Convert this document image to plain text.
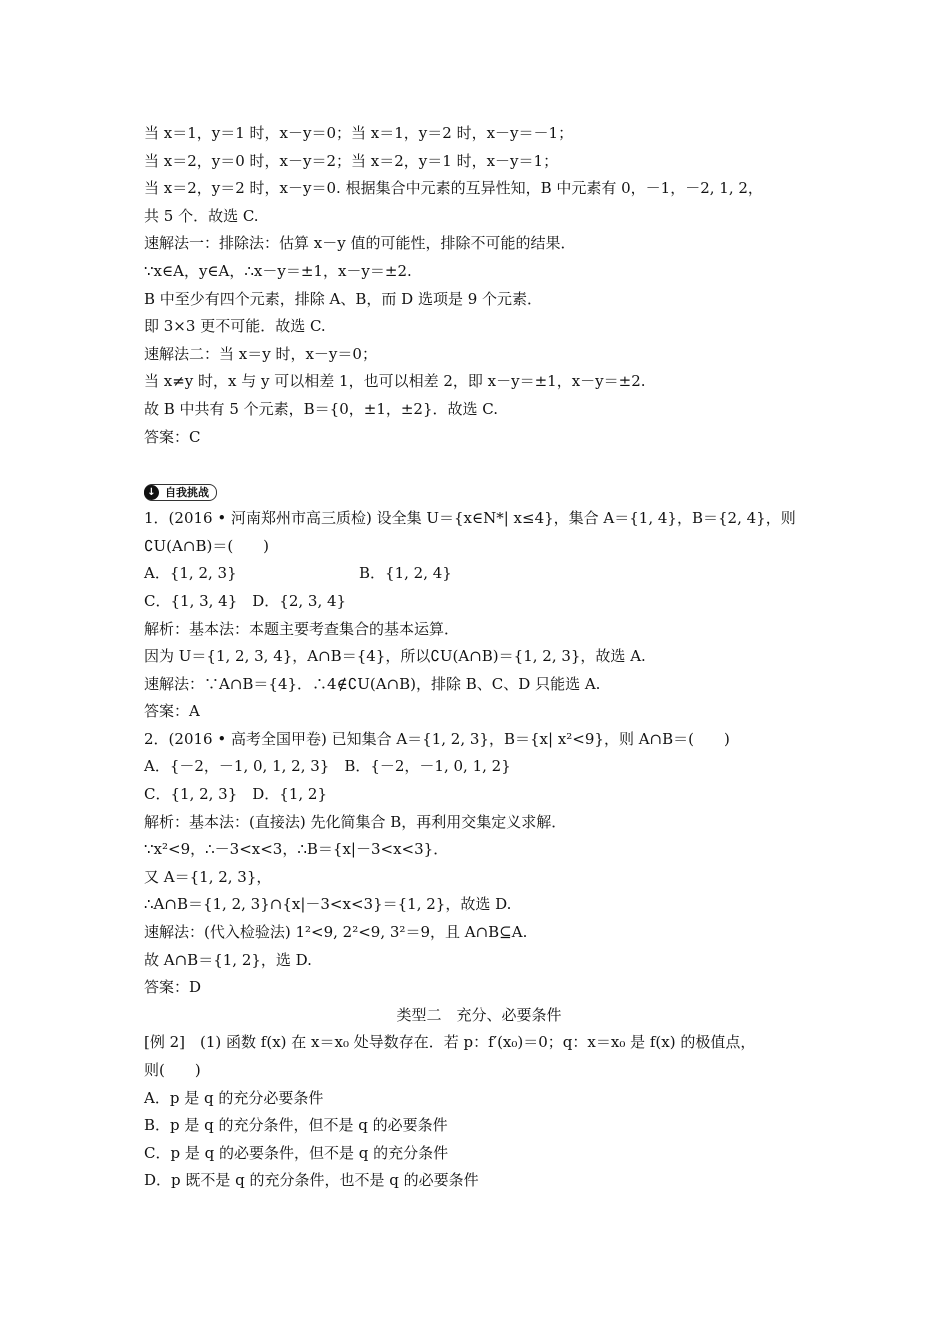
当 x＝1，y＝1 时，x－y＝0；当 x＝1，y＝2 时，x－y＝－1；
当 x＝2，y＝0 时，x－y＝2；当 x＝2，y＝1 时，x－y＝1；
当 x＝2，y＝2 时，x－y＝0. 根据集合中元素的互异性知，B 中元素有 0，－1，－2, 1, 2，
共 5 个．故选 C.
速解法一：排除法：估算 x－y 值的可能性，排除不可能的结果．
∵x∈A，y∈A，∴x－y＝±1，x－y＝±2.
B 中至少有四个元素，排除 A、B，而 D 选项是 9 个元素．
即 3×3 更不可能．故选 C.
速解法二：当 x＝y 时，x－y＝0；
当 x≠y 时，x 与 y 可以相差 1，也可以相差 2，即 x－y＝±1，x－y＝±2.
故 B 中共有 5 个元素，B＝{0，±1，±2}．故选 C.
答案：C
↓ 自我挑战
1．(2016 • 河南郑州市高三质检) 设全集 U＝{x∈N*| x≤4}，集合 A＝{1, 4}，B＝{2, 4}，则
∁U(A∩B)＝(　　)
A．{1, 2, 3}	B．{1, 2, 4}
C．{1, 3, 4}　D．{2, 3, 4}
解析：基本法：本题主要考查集合的基本运算．
因为 U＝{1, 2, 3, 4}，A∩B＝{4}，所以∁U(A∩B)＝{1, 2, 3}，故选 A.
速解法：∵A∩B＝{4}．∴4∉∁U(A∩B)，排除 B、C、D 只能选 A.
答案：A
2．(2016 • 高考全国甲卷) 已知集合 A＝{1, 2, 3}，B＝{x| x²<9}，则 A∩B＝(　　)
A．{－2，－1, 0, 1, 2, 3}　B．{－2，－1, 0, 1, 2}
C．{1, 2, 3}　D．{1, 2}
解析：基本法：(直接法) 先化简集合 B，再利用交集定义求解．
∵x²<9，∴－3<x<3，∴B＝{x|－3<x<3}．
又 A＝{1, 2, 3}，
∴A∩B＝{1, 2, 3}∩{x|－3<x<3}＝{1, 2}，故选 D.
速解法：(代入检验法) 1²<9, 2²<9, 3²＝9，且 A∩B⊆A.
故 A∩B＝{1, 2}，选 D.
答案：D
类型二　充分、必要条件
[例 2]　(1) 函数 f(x) 在 x＝x₀ 处导数存在．若 p：f′(x₀)＝0；q：x＝x₀ 是 f(x) 的极值点，
则(　　)
A．p 是 q 的充分必要条件
B．p 是 q 的充分条件，但不是 q 的必要条件
C．p 是 q 的必要条件，但不是 q 的充分条件
D．p 既不是 q 的充分条件，也不是 q 的必要条件
